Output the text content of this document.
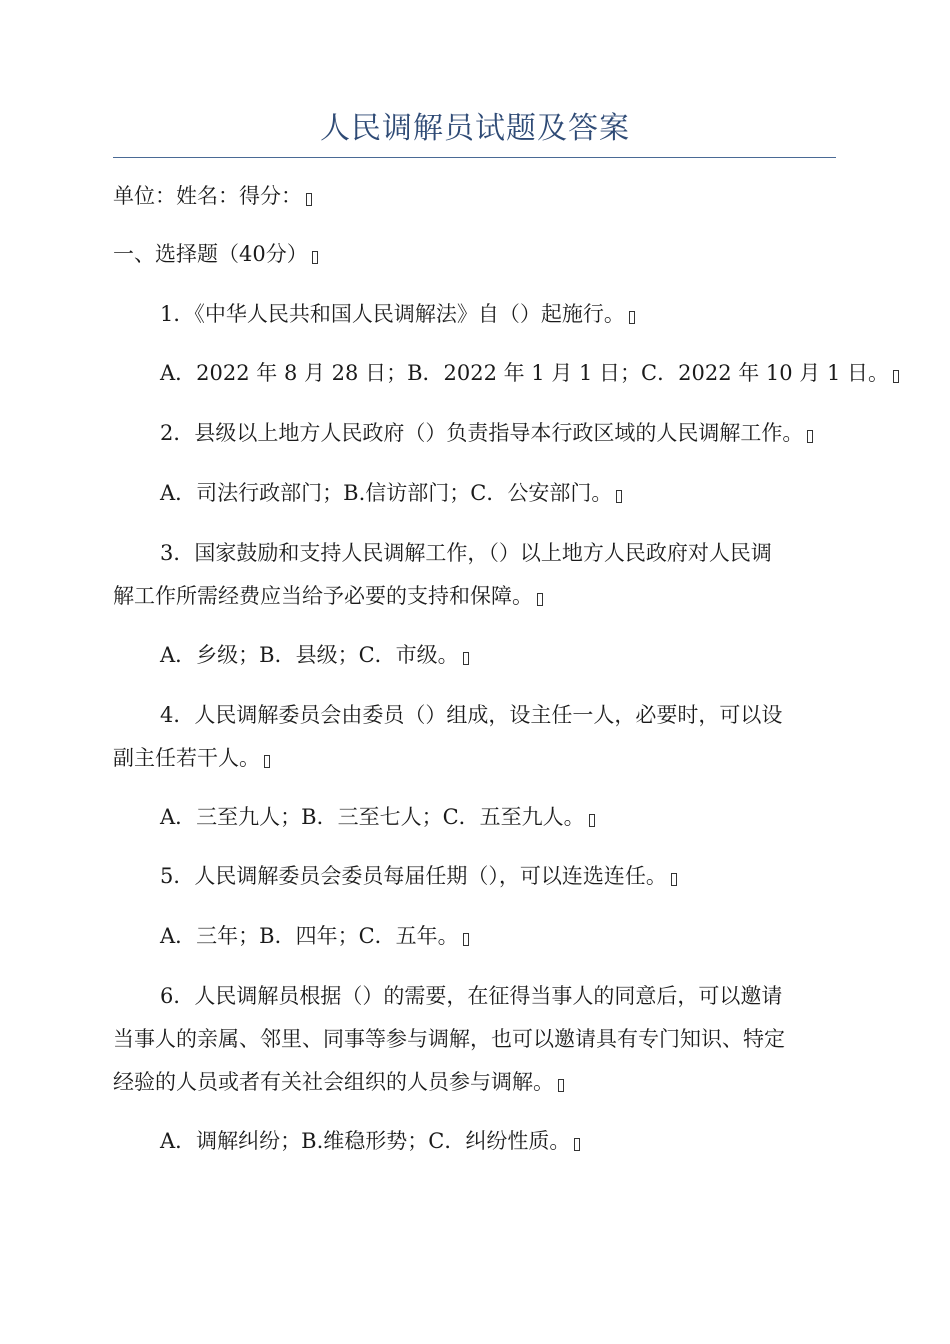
人民调解员试题及答案
单位：姓名：得分：
一、选择题（40分）
1．《中华人民共和国人民调解法》自（）起施行。
A．2022 年 8 月 28 日；B．2022 年 1 月 1 日；C．2022 年 10 月 1 日。
2．县级以上地方人民政府（）负责指导本行政区域的人民调解工作。
A．司法行政部门；B.信访部门；C．公安部门。
3．国家鼓励和支持人民调解工作，（）以上地方人民政府对人民调
解工作所需经费应当给予必要的支持和保障。
A．乡级；B．县级；C．市级。
4．人民调解委员会由委员（）组成，设主任一人，必要时，可以设
副主任若干人。
A．三至九人；B．三至七人；C．五至九人。
5．人民调解委员会委员每届任期（），可以连选连任。
A．三年；B．四年；C．五年。
6．人民调解员根据（）的需要，在征得当事人的同意后，可以邀请
当事人的亲属、邻里、同事等参与调解，也可以邀请具有专门知识、特定
经验的人员或者有关社会组织的人员参与调解。
A．调解纠纷；B.维稳形势；C．纠纷性质。
